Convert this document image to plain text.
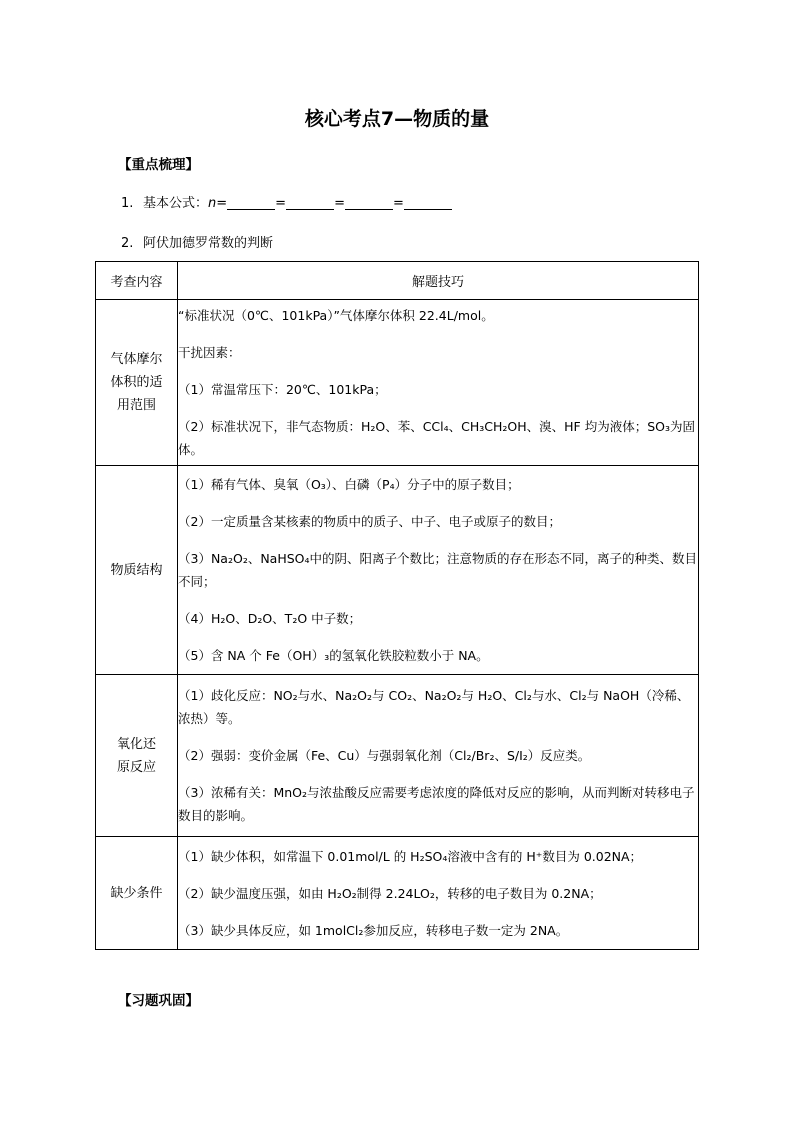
核心考点7—物质的量
【重点梳理】
1. 基本公式：n=	=	=	=
2. 阿伏加德罗常数的判断
考查内容	解题技巧

气体摩尔体积的适用范围	“标准状况（0℃、101kPa）”气体摩尔体积 22.4L/mol。

干扰因素：

（1）常温常压下：20℃、101kPa；

（2）标准状况下，非气态物质：H₂O、苯、CCl₄、CH₃CH₂OH、溴、HF 均为液体；SO₃为固体。

物质结构	（1）稀有气体、臭氧（O₃）、白磷（P₄）分子中的原子数目；

（2）一定质量含某核素的物质中的质子、中子、电子或原子的数目；

（3）Na₂O₂、NaHSO₄中的阴、阳离子个数比；注意物质的存在形态不同，离子的种类、数目不同；

（4）H₂O、D₂O、T₂O 中子数；

（5）含 NA 个 Fe（OH）₃的氢氧化铁胶粒数小于 NA。

氧化还原反应	（1）歧化反应：NO₂与水、Na₂O₂与 CO₂、Na₂O₂与 H₂O、Cl₂与水、Cl₂与 NaOH（冷稀、浓热）等。

（2）强弱：变价金属（Fe、Cu）与强弱氧化剂（Cl₂/Br₂、S/I₂）反应类。

（3）浓稀有关：MnO₂与浓盐酸反应需要考虑浓度的降低对反应的影响，从而判断对转移电子数目的影响。

缺少条件	（1）缺少体积，如常温下 0.01mol/L 的 H₂SO₄溶液中含有的 H⁺数目为 0.02NA；

（2）缺少温度压强，如由 H₂O₂制得 2.24LO₂，转移的电子数目为 0.2NA；

（3）缺少具体反应，如 1molCl₂参加反应，转移电子数一定为 2NA。

【习题巩固】
